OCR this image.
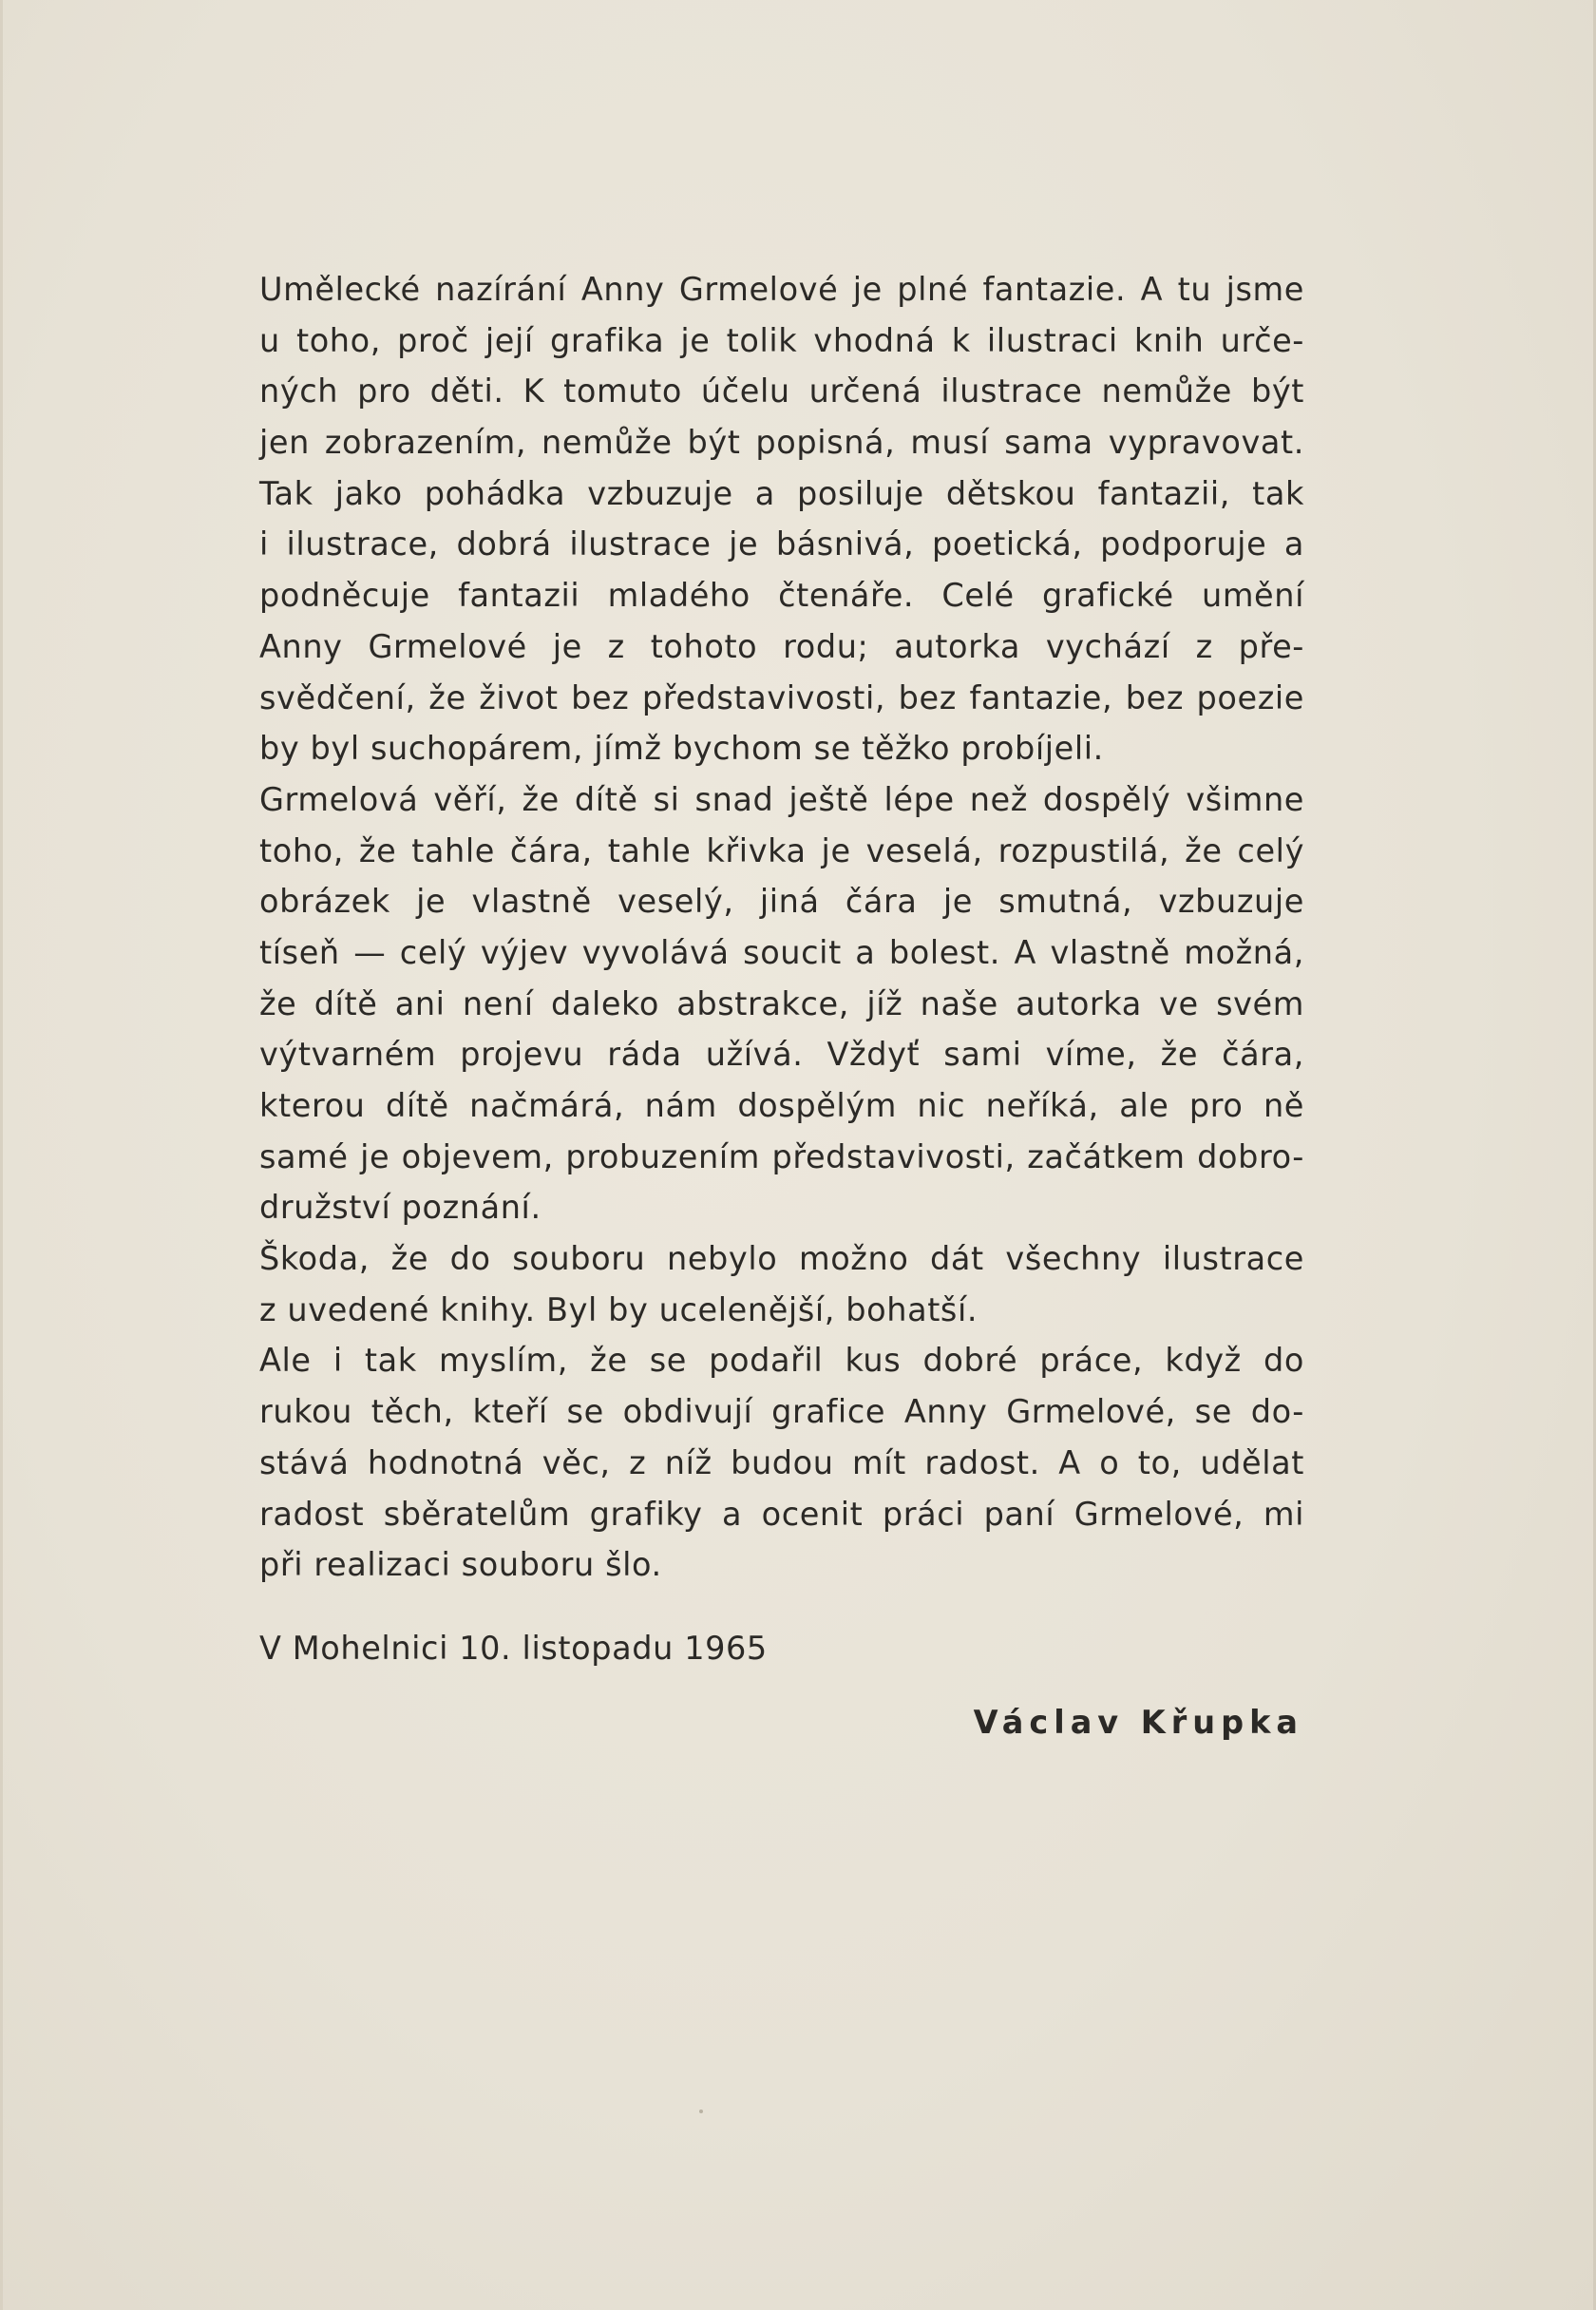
Umělecké nazírání Anny Grmelové je plné fantazie. A tu jsme
u toho, proč její grafika je tolik vhodná k ilustraci knih urče-
ných pro děti. K tomuto účelu určená ilustrace nemůže být
jen zobrazením, nemůže být popisná, musí sama vypravovat.
Tak jako pohádka vzbuzuje a posiluje dětskou fantazii, tak
i ilustrace, dobrá ilustrace je básnivá, poetická, podporuje a
podněcuje fantazii mladého čtenáře. Celé grafické umění
Anny Grmelové je z tohoto rodu; autorka vychází z pře-
svědčení, že život bez představivosti, bez fantazie, bez poezie
by byl suchopárem, jímž bychom se těžko probíjeli.
Grmelová věří, že dítě si snad ještě lépe než dospělý všimne
toho, že tahle čára, tahle křivka je veselá, rozpustilá, že celý
obrázek je vlastně veselý, jiná čára je smutná, vzbuzuje
tíseň — celý výjev vyvolává soucit a bolest. A vlastně možná,
že dítě ani není daleko abstrakce, jíž naše autorka ve svém
výtvarném projevu ráda užívá. Vždyť sami víme, že čára,
kterou dítě načmárá, nám dospělým nic neříká, ale pro ně
samé je objevem, probuzením představivosti, začátkem dobro-
družství poznání.
Škoda, že do souboru nebylo možno dát všechny ilustrace
z uvedené knihy. Byl by ucelenější, bohatší.
Ale i tak myslím, že se podařil kus dobré práce, když do
rukou těch, kteří se obdivují grafice Anny Grmelové, se do-
stává hodnotná věc, z níž budou mít radost. A o to, udělat
radost sběratelům grafiky a ocenit práci paní Grmelové, mi
při realizaci souboru šlo.
V Mohelnici 10. listopadu 1965
Václav Křupka
